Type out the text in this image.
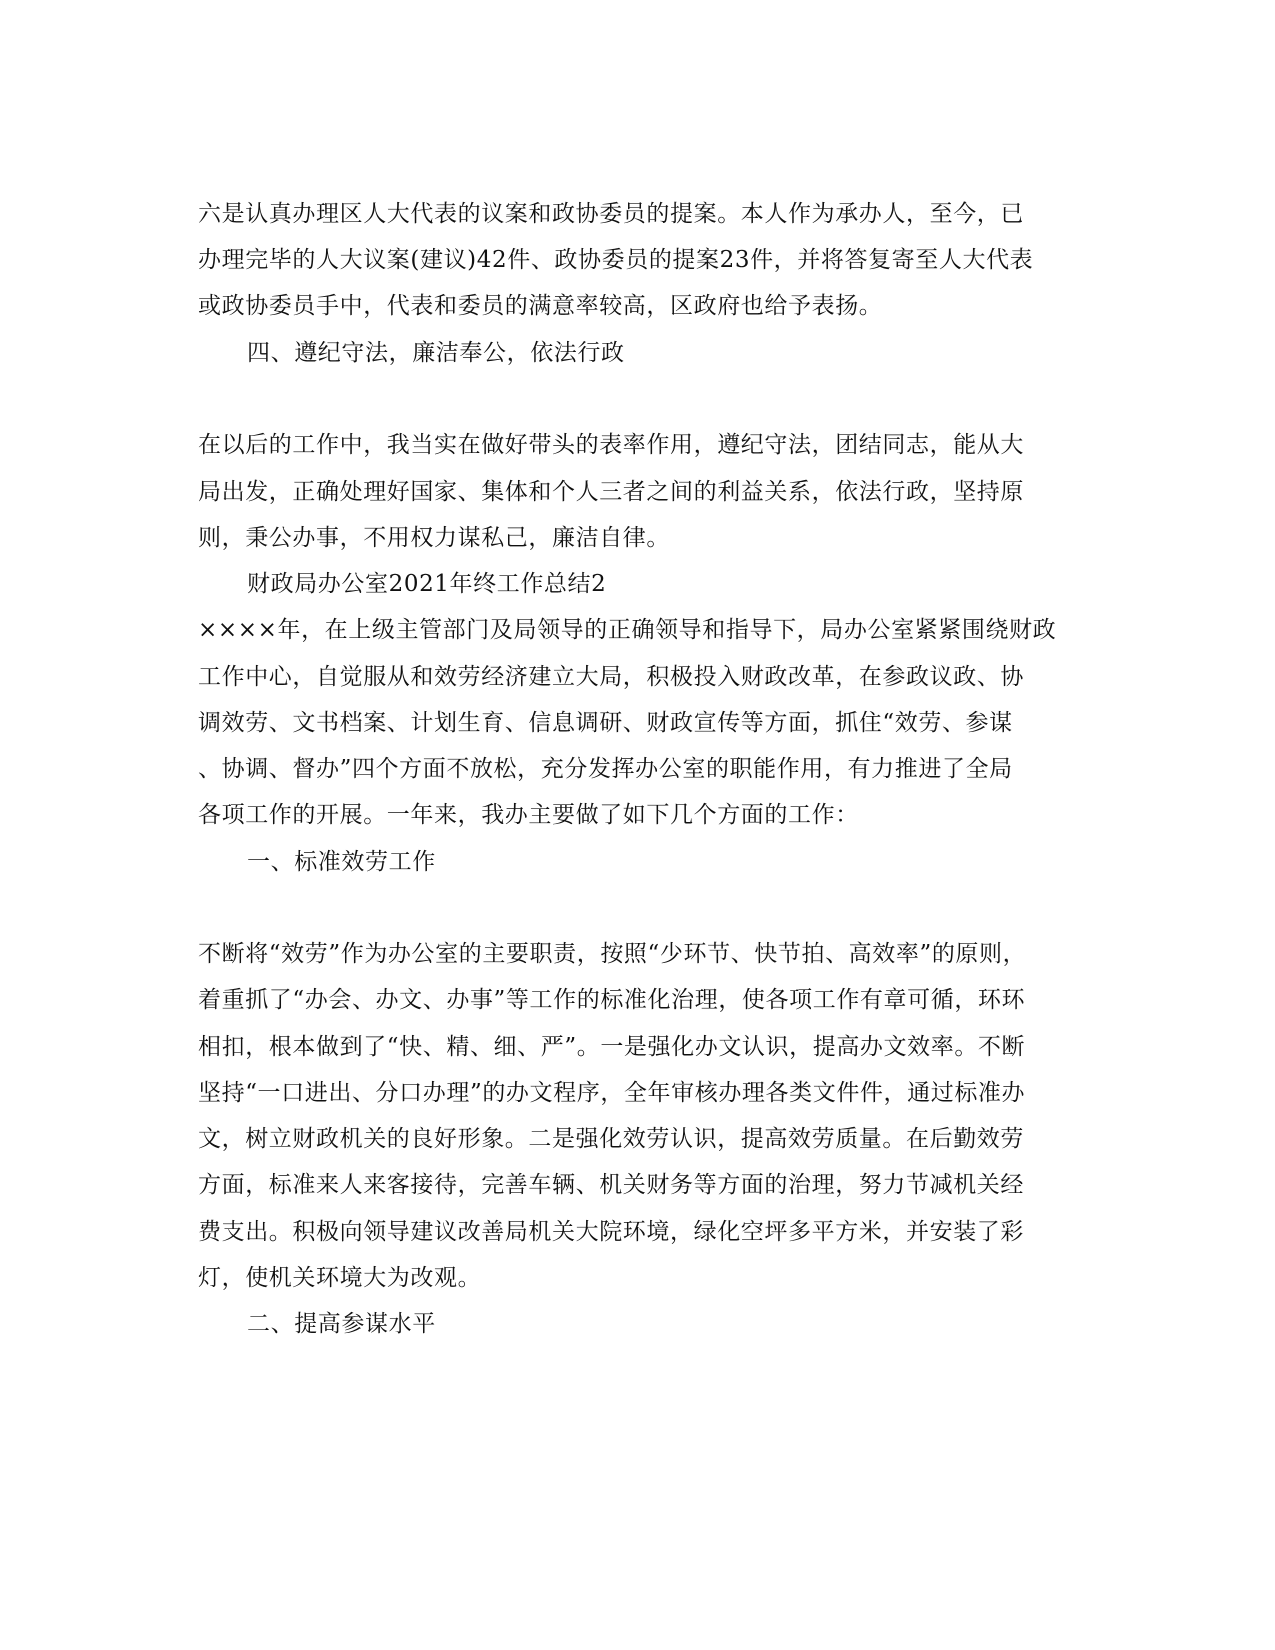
六是认真办理区人大代表的议案和政协委员的提案。本人作为承办人，至今，已
办理完毕的人大议案(建议)42件、政协委员的提案23件，并将答复寄至人大代表
或政协委员手中，代表和委员的满意率较高，区政府也给予表扬。
四、遵纪守法，廉洁奉公，依法行政
在以后的工作中，我当实在做好带头的表率作用，遵纪守法，团结同志，能从大
局出发，正确处理好国家、集体和个人三者之间的利益关系，依法行政，坚持原
则，秉公办事，不用权力谋私己，廉洁自律。
财政局办公室2021年终工作总结2
××××年，在上级主管部门及局领导的正确领导和指导下，局办公室紧紧围绕财政
工作中心，自觉服从和效劳经济建立大局，积极投入财政改革，在参政议政、协
调效劳、文书档案、计划生育、信息调研、财政宣传等方面，抓住“效劳、参谋
、协调、督办”四个方面不放松，充分发挥办公室的职能作用，有力推进了全局
各项工作的开展。一年来，我办主要做了如下几个方面的工作：
一、标准效劳工作
不断将“效劳”作为办公室的主要职责，按照“少环节、快节拍、高效率”的原则，
着重抓了“办会、办文、办事”等工作的标准化治理，使各项工作有章可循，环环
相扣，根本做到了“快、精、细、严”。一是强化办文认识，提高办文效率。不断
坚持“一口进出、分口办理”的办文程序，全年审核办理各类文件件，通过标准办
文，树立财政机关的良好形象。二是强化效劳认识，提高效劳质量。在后勤效劳
方面，标准来人来客接待，完善车辆、机关财务等方面的治理，努力节减机关经
费支出。积极向领导建议改善局机关大院环境，绿化空坪多平方米，并安装了彩
灯，使机关环境大为改观。
二、提高参谋水平
